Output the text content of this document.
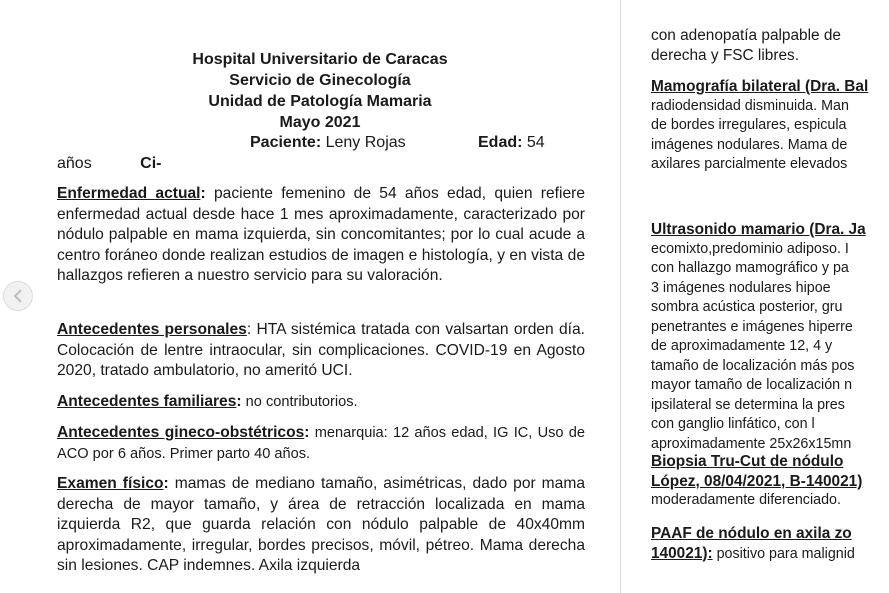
Hospital Universitario de Caracas
Servicio de Ginecología
Unidad de Patología Mamaria
Mayo 2021
Paciente: Leny Rojas	Edad: 54
años	Ci-

Enfermedad actual: paciente femenino de 54 años edad, quien refiere enfermedad actual desde hace 1 mes aproximadamente, caracterizado por nódulo palpable en mama izquierda, sin concomitantes; por lo cual acude a centro foráneo donde realizan estudios de imagen e histología, y en vista de hallazgos refieren a nuestro servicio para su valoración.

Antecedentes personales: HTA sistémica tratada con valsartan orden día. Colocación de lentre intraocular, sin complicaciones. COVID-19 en Agosto 2020, tratado ambulatorio, no ameritó UCI.

Antecedentes familiares: no contributorios.

Antecedentes gineco-obstétricos: menarquia: 12 años edad, IG IC, Uso de ACO por 6 años. Primer parto 40 años.

Examen físico: mamas de mediano tamaño, asimétricas, dado por mama derecha de mayor tamaño, y área de retracción localizada en mama izquierda R2, que guarda relación con nódulo palpable de 40x40mm aproximadamente, irregular, bordes precisos, móvil, pétreo. Mama derecha sin lesiones. CAP indemnes. Axila izquierda

con adenopatía palpable de
derecha y FSC libres.
Mamografía bilateral (Dra. Bal
radiodensidad disminuida. Man
de bordes irregulares, espicula
imágenes nodulares. Mama de
axilares parcialmente elevados
Ultrasonido mamario (Dra. Ja
ecomixto,predominio adiposo. I
con hallazgo mamográfico y pa
3 imágenes nodulares hipoe
sombra acústica posterior, gru
penetrantes e imágenes hiperre
de aproximadamente 12, 4 y
tamaño de localización más pos
mayor tamaño de localización n
ipsilateral se determina la pres
con ganglio linfático, con l
aproximadamente 25x26x15mn
Biopsia Tru-Cut de nódulo
López, 08/04/2021, B-140021)
moderadamente diferenciado.
PAAF de nódulo en axila zo
140021): positivo para malignid
